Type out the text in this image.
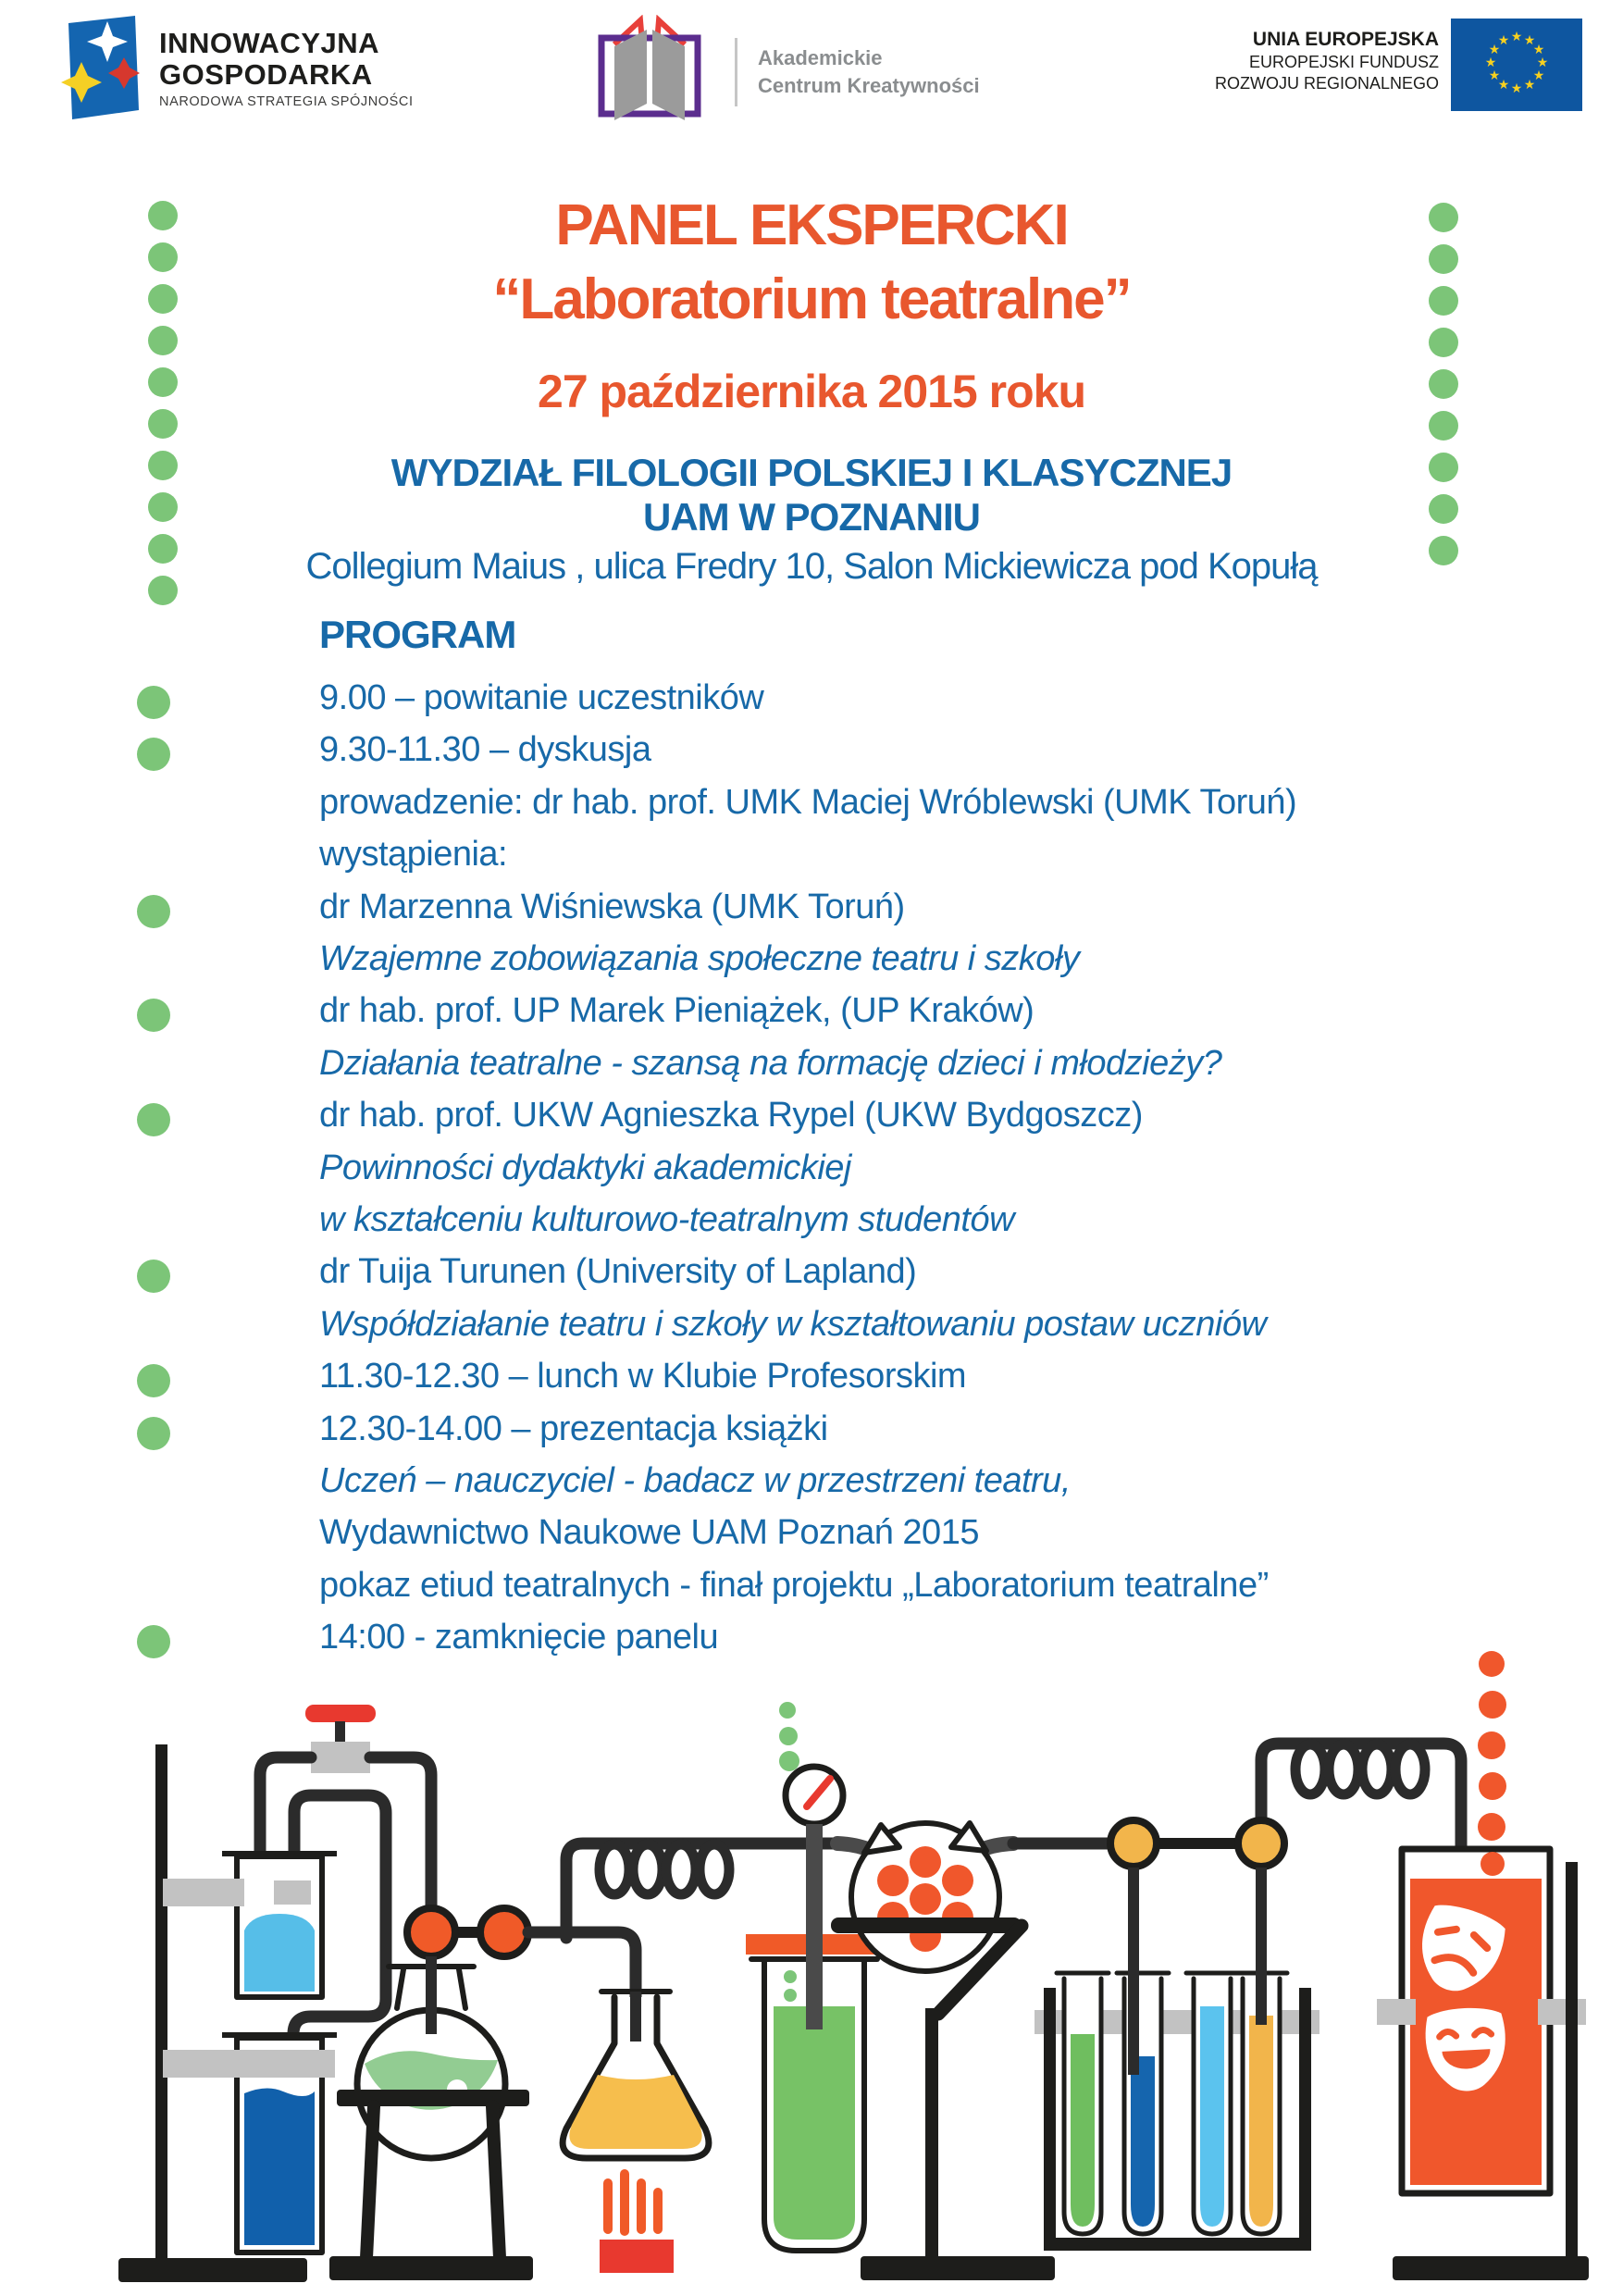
INNOWACYJNA
GOSPODARKA
NARODOWA STRATEGIA SPÓJNOŚCI
Akademickie
Centrum Kreatywności
UNIA EUROPEJSKA
EUROPEJSKI FUNDUSZ
ROZWOJU REGIONALNEGO
★ ★
★
★
★
★
★
★
★
★
★
★
PANEL EKSPERCKI
“Laboratorium teatralne”
27 października 2015 roku
WYDZIAŁ FILOLOGII POLSKIEJ I KLASYCZNEJ
UAM W POZNANIU
Collegium Maius , ulica Fredry 10, Salon Mickiewicza pod Kopułą
PROGRAM
9.00 – powitanie uczestników
9.30-11.30 – dyskusja
prowadzenie: dr hab. prof. UMK Maciej Wróblewski (UMK Toruń)
wystąpienia:
dr Marzenna Wiśniewska (UMK Toruń)
Wzajemne zobowiązania społeczne teatru i szkoły
dr hab. prof. UP Marek Pieniążek, (UP Kraków)
Działania teatralne - szansą na formację dzieci i młodzieży?
dr hab. prof. UKW Agnieszka Rypel (UKW Bydgoszcz)
Powinności dydaktyki akademickiej
w kształceniu kulturowo-teatralnym studentów
dr Tuija Turunen (University of Lapland)
Współdziałanie teatru i szkoły w kształtowaniu postaw uczniów
11.30-12.30 – lunch w Klubie Profesorskim
12.30-14.00 – prezentacja książki
Uczeń – nauczyciel - badacz w przestrzeni teatru,
Wydawnictwo Naukowe UAM Poznań 2015
pokaz etiud teatralnych - finał projektu „Laboratorium teatralne”
14:00 - zamknięcie panelu
